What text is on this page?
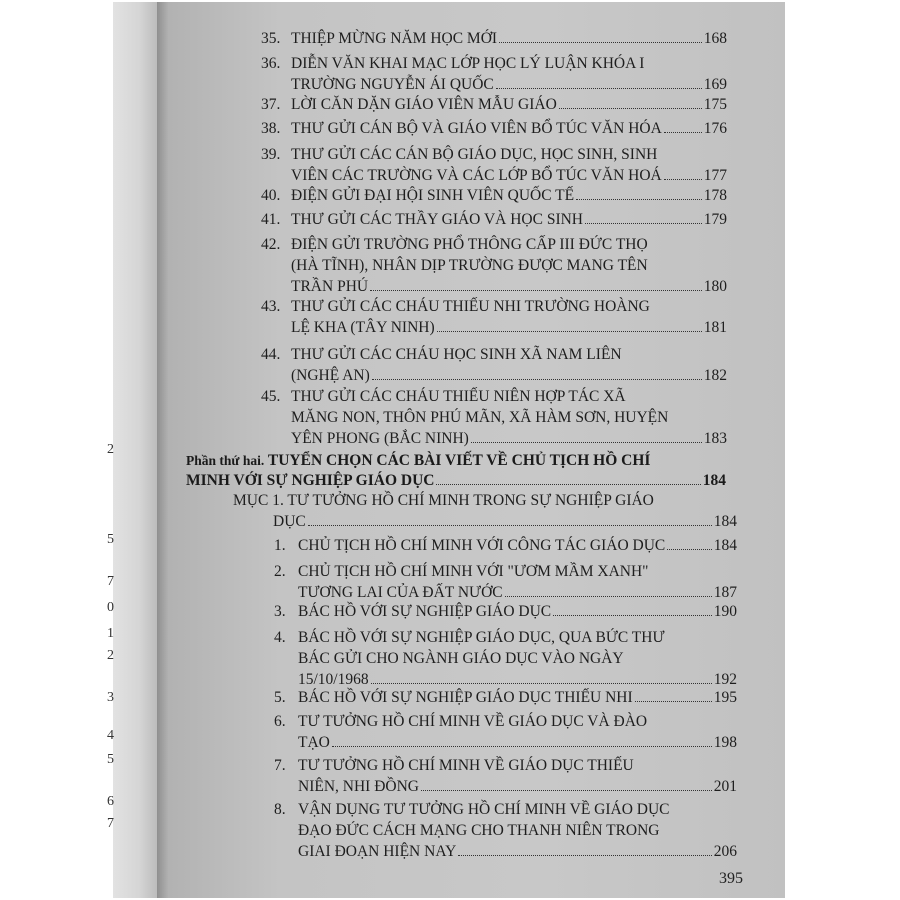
2
5
7
0
1
2
3
4
5
6
7
35. THIỆP MỪNG NĂM HỌC MỚI	168
36. DIỄN VĂN KHAI MẠC LỚP HỌC LÝ LUẬN KHÓA I
TRƯỜNG NGUYỄN ÁI QUỐC	169
37. LỜI CĂN DẶN GIÁO VIÊN MẪU GIÁO	175
38. THƯ GỬI CÁN BỘ VÀ GIÁO VIÊN BỔ TÚC VĂN HÓA	176
39. THƯ GỬI CÁC CÁN BỘ GIÁO DỤC, HỌC SINH, SINH
VIÊN CÁC TRƯỜNG VÀ CÁC LỚP BỔ TÚC VĂN HOÁ	177
40. ĐIỆN GỬI ĐẠI HỘI SINH VIÊN QUỐC TẾ	178
41. THƯ GỬI CÁC THẦY GIÁO VÀ HỌC SINH	179
42. ĐIỆN GỬI TRƯỜNG PHỔ THÔNG CẤP III ĐỨC THỌ
(HÀ TĨNH), NHÂN DỊP TRƯỜNG ĐƯỢC MANG TÊN
TRẦN PHÚ	180
43. THƯ GỬI CÁC CHÁU THIẾU NHI TRƯỜNG HOÀNG
LỆ KHA (TÂY NINH)	181
44. THƯ GỬI CÁC CHÁU HỌC SINH XÃ NAM LIÊN
(NGHỆ AN)	182
45. THƯ GỬI CÁC CHÁU THIẾU NIÊN HỢP TÁC XÃ
MĂNG NON, THÔN PHÚ MÃN, XÃ HÀM SƠN, HUYỆN
YÊN PHONG (BẮC NINH)	183
Phần thứ hai. TUYỂN CHỌN CÁC BÀI VIẾT VỀ CHỦ TỊCH HỒ CHÍ
MINH VỚI SỰ NGHIỆP GIÁO DỤC	184
MỤC 1. TƯ TƯỞNG HỒ CHÍ MINH TRONG SỰ NGHIỆP GIÁO
DỤC	184
1. CHỦ TỊCH HỒ CHÍ MINH VỚI CÔNG TÁC GIÁO DỤC	184
2. CHỦ TỊCH HỒ CHÍ MINH VỚI "ƯƠM MẦM XANH"
TƯƠNG LAI CỦA ĐẤT NƯỚC	187
3. BÁC HỒ VỚI SỰ NGHIỆP GIÁO DỤC	190
4. BÁC HỒ VỚI SỰ NGHIỆP GIÁO DỤC, QUA BỨC THƯ
BÁC GỬI CHO NGÀNH GIÁO DỤC VÀO NGÀY
15/10/1968	192
5. BÁC HỒ VỚI SỰ NGHIỆP GIÁO DỤC THIẾU NHI	195
6. TƯ TƯỞNG HỒ CHÍ MINH VỀ GIÁO DỤC VÀ ĐÀO
TẠO	198
7. TƯ TƯỞNG HỒ CHÍ MINH VỀ GIÁO DỤC THIẾU
NIÊN, NHI ĐỒNG	201
8. VẬN DỤNG TƯ TƯỞNG HỒ CHÍ MINH VỀ GIÁO DỤC
ĐẠO ĐỨC CÁCH MẠNG CHO THANH NIÊN TRONG
GIAI ĐOẠN HIỆN NAY	206
395
